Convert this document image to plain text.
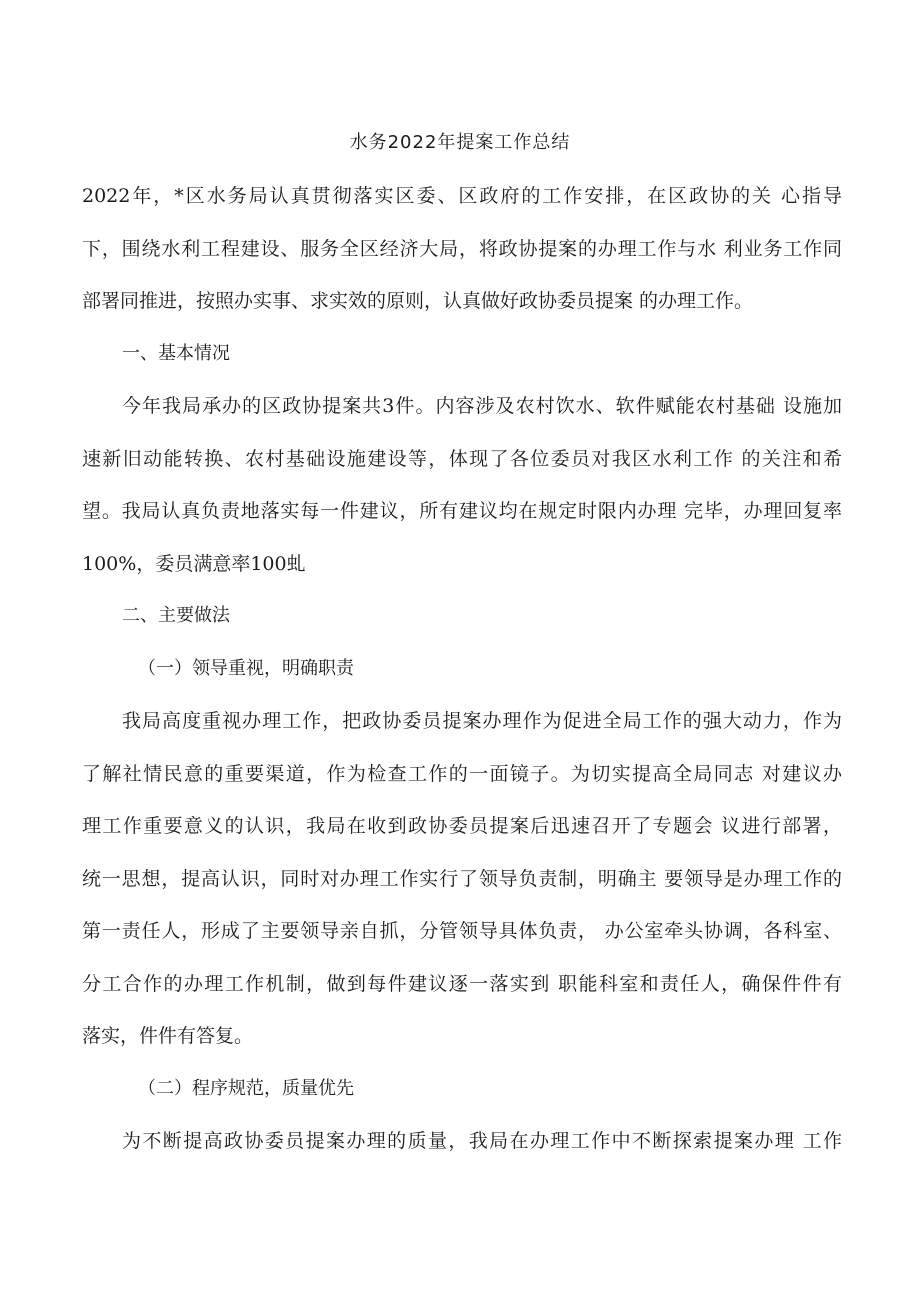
水务2022年提案工作总结
2022年，*区水务局认真贯彻落实区委、区政府的工作安排，在区政协的关 心指导
下，围绕水利工程建设、服务全区经济大局，将政协提案的办理工作与水 利业务工作同
部署同推进，按照办实事、求实效的原则，认真做好政协委员提案 的办理工作。
一、基本情况
今年我局承办的区政协提案共3件。内容涉及农村饮水、软件赋能农村基础 设施加
速新旧动能转换、农村基础设施建设等，体现了各位委员对我区水利工作 的关注和希
望。我局认真负责地落实每一件建议，所有建议均在规定时限内办理 完毕，办理回复率
100%，委员满意率100虬
二、主要做法
（一）领导重视，明确职责
我局高度重视办理工作，把政协委员提案办理作为促进全局工作的强大动力，作为
了解社情民意的重要渠道，作为检查工作的一面镜子。为切实提高全局同志 对建议办
理工作重要意义的认识，我局在收到政协委员提案后迅速召开了专题会 议进行部署，
统一思想，提高认识，同时对办理工作实行了领导负责制，明确主 要领导是办理工作的
第一责任人，形成了主要领导亲自抓，分管领导具体负责， 办公室牵头协调，各科室、
分工合作的办理工作机制，做到每件建议逐一落实到 职能科室和责任人，确保件件有
落实，件件有答复。
（二）程序规范，质量优先
为不断提高政协委员提案办理的质量，我局在办理工作中不断探索提案办理 工作
